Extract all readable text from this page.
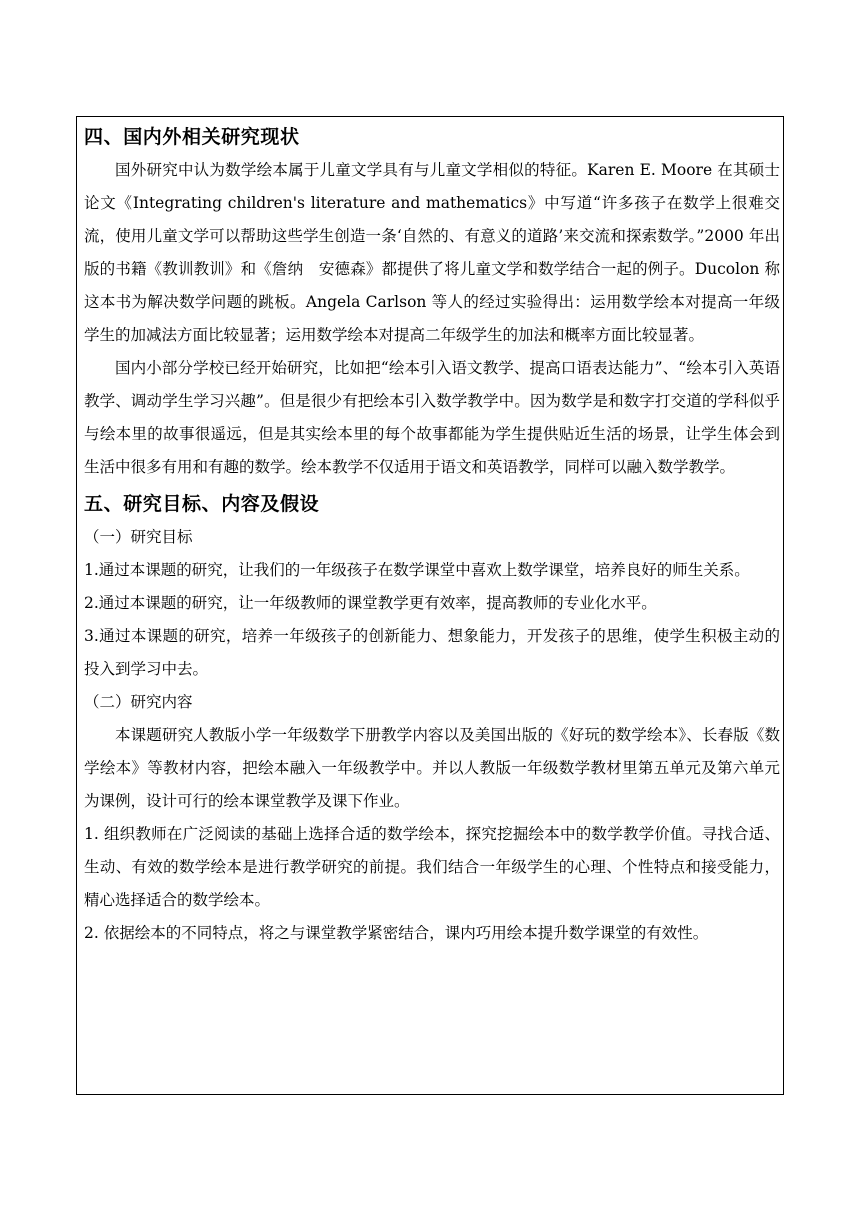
四、国内外相关研究现状

国外研究中认为数学绘本属于儿童文学具有与儿童文学相似的特征。Karen E. Moore 在其硕士论文《Integrating children's literature and mathematics》中写道“许多孩子在数学上很难交流，使用儿童文学可以帮助这些学生创造一条‘自然的、有意义的道路’来交流和探索数学。”2000 年出版的书籍《教训教训》和《詹纳　安德森》都提供了将儿童文学和数学结合一起的例子。Ducolon 称这本书为解决数学问题的跳板。Angela Carlson 等人的经过实验得出：运用数学绘本对提高一年级学生的加减法方面比较显著；运用数学绘本对提高二年级学生的加法和概率方面比较显著。

国内小部分学校已经开始研究，比如把“绘本引入语文教学、提高口语表达能力”、“绘本引入英语教学、调动学生学习兴趣”。但是很少有把绘本引入数学教学中。因为数学是和数字打交道的学科似乎与绘本里的故事很遥远，但是其实绘本里的每个故事都能为学生提供贴近生活的场景，让学生体会到生活中很多有用和有趣的数学。绘本教学不仅适用于语文和英语教学，同样可以融入数学教学。

五、研究目标、内容及假设

（一）研究目标

1.通过本课题的研究，让我们的一年级孩子在数学课堂中喜欢上数学课堂，培养良好的师生关系。

2.通过本课题的研究，让一年级教师的课堂教学更有效率，提高教师的专业化水平。

3.通过本课题的研究，培养一年级孩子的创新能力、想象能力，开发孩子的思维，使学生积极主动的投入到学习中去。

（二）研究内容

本课题研究人教版小学一年级数学下册教学内容以及美国出版的《好玩的数学绘本》、长春版《数学绘本》等教材内容，把绘本融入一年级教学中。并以人教版一年级数学教材里第五单元及第六单元为课例，设计可行的绘本课堂教学及课下作业。

1. 组织教师在广泛阅读的基础上选择合适的数学绘本，探究挖掘绘本中的数学教学价值。寻找合适、生动、有效的数学绘本是进行教学研究的前提。我们结合一年级学生的心理、个性特点和接受能力，精心选择适合的数学绘本。

2. 依据绘本的不同特点，将之与课堂教学紧密结合，课内巧用绘本提升数学课堂的有效性。
